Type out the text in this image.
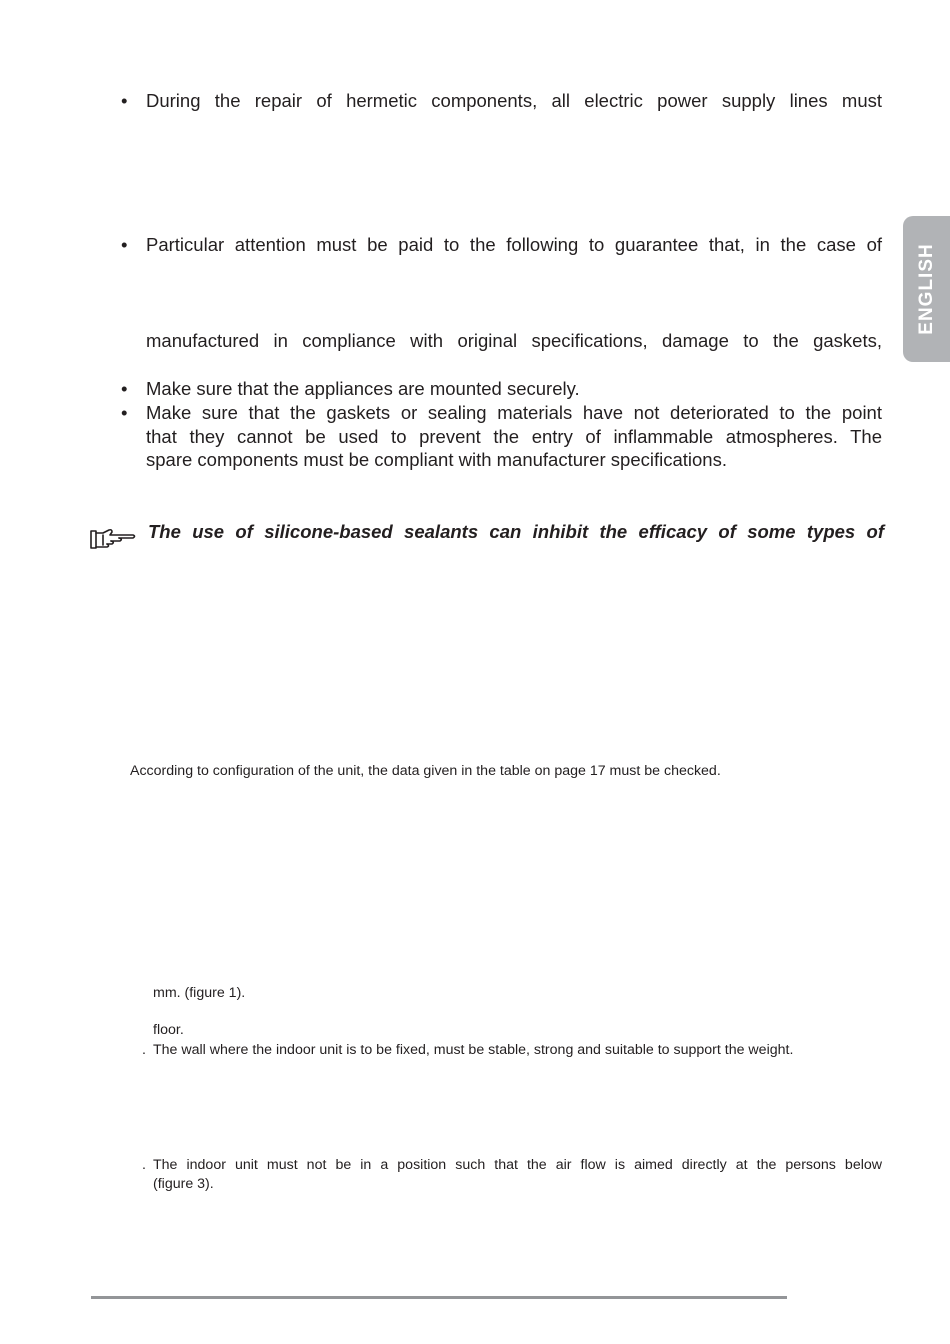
ENGLISH
• During the repair of hermetic components, all electric power supply lines must
• Particular attention must be paid to the following to guarantee that, in the case of
manufactured in compliance with original specifications, damage to the gaskets,
• Make sure that the appliances are mounted securely.
• Make sure that the gaskets or sealing materials have not deteriorated to the point
that they cannot be used to prevent the entry of inflammable atmospheres. The
spare components must be compliant with manufacturer specifications.
The use of silicone-based sealants can inhibit the efficacy of some types of
According to configuration of the unit, the data given in the table on page 17 must be checked.
mm. (figure 1).
floor.
. The wall where the indoor unit is to be fixed, must be stable, strong and suitable to support the weight.
. The indoor unit must not be in a position such that the air flow is aimed directly at the persons below
(figure 3).
